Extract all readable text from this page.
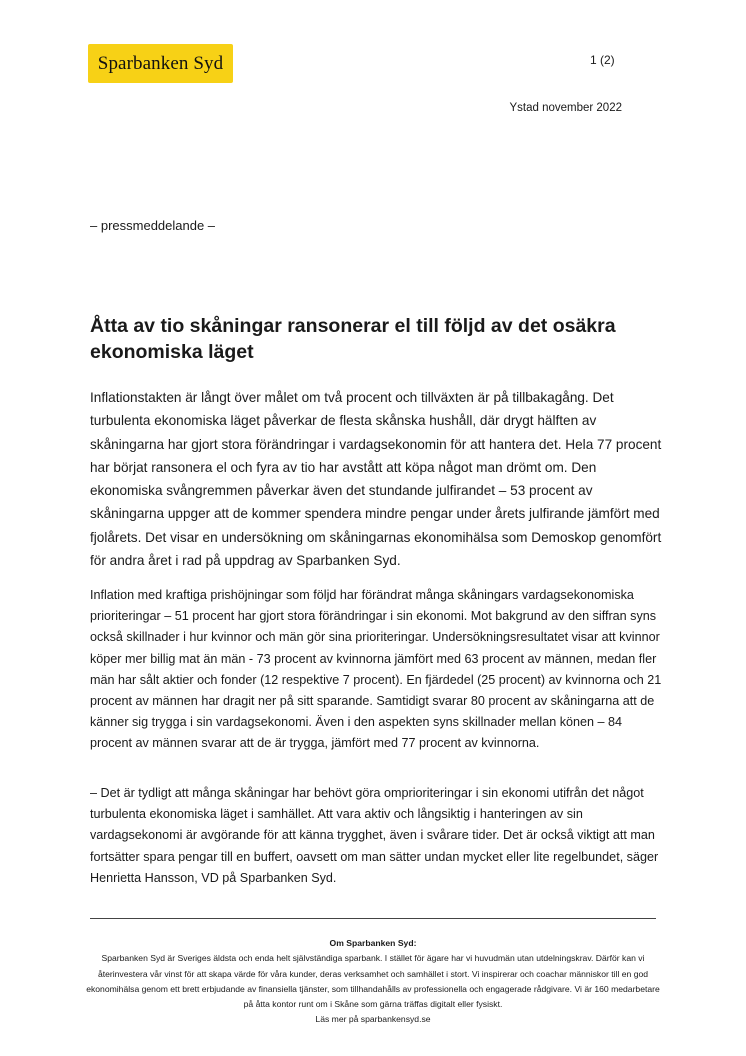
Sparbanken Syd	1 (2)
Ystad november 2022
– pressmeddelande –
Åtta av tio skåningar ransonerar el till följd av det osäkra ekonomiska läget

Inflationstakten är långt över målet om två procent och tillväxten är på tillbakagång. Det turbulenta ekonomiska läget påverkar de flesta skånska hushåll, där drygt hälften av skåningarna har gjort stora förändringar i vardagsekonomin för att hantera det. Hela 77 procent har börjat ransonera el och fyra av tio har avstått att köpa något man drömt om. Den ekonomiska svångremmen påverkar även det stundande julfirandet – 53 procent av skåningarna uppger att de kommer spendera mindre pengar under årets julfirande jämfört med fjolårets. Det visar en undersökning om skåningarnas ekonomihälsa som Demoskop genomfört för andra året i rad på uppdrag av Sparbanken Syd.

Inflation med kraftiga prishöjningar som följd har förändrat många skåningars vardagsekonomiska prioriteringar – 51 procent har gjort stora förändringar i sin ekonomi. Mot bakgrund av den siffran syns också skillnader i hur kvinnor och män gör sina prioriteringar. Undersökningsresultatet visar att kvinnor köper mer billig mat än män - 73 procent av kvinnorna jämfört med 63 procent av männen, medan fler män har sålt aktier och fonder (12 respektive 7 procent). En fjärdedel (25 procent) av kvinnorna och 21 procent av männen har dragit ner på sitt sparande. Samtidigt svarar 80 procent av skåningarna att de känner sig trygga i sin vardagsekonomi. Även i den aspekten syns skillnader mellan könen – 84 procent av männen svarar att de är trygga, jämfört med 77 procent av kvinnorna.

– Det är tydligt att många skåningar har behövt göra omprioriteringar i sin ekonomi utifrån det något turbulenta ekonomiska läget i samhället. Att vara aktiv och långsiktig i hanteringen av sin vardagsekonomi är avgörande för att känna trygghet, även i svårare tider. Det är också viktigt att man fortsätter spara pengar till en buffert, oavsett om man sätter undan mycket eller lite regelbundet, säger Henrietta Hansson, VD på Sparbanken Syd.

Om Sparbanken Syd:
Sparbanken Syd är Sveriges äldsta och enda helt självständiga sparbank. I stället för ägare har vi huvudmän utan utdelningskrav. Därför kan vi återinvestera vår vinst för att skapa värde för våra kunder, deras verksamhet och samhället i stort. Vi inspirerar och coachar människor till en god ekonomihälsa genom ett brett erbjudande av finansiella tjänster, som tillhandahålls av professionella och engagerade rådgivare. Vi är 160 medarbetare på åtta kontor runt om i Skåne som gärna träffas digitalt eller fysiskt.
Läs mer på sparbankensyd.se
